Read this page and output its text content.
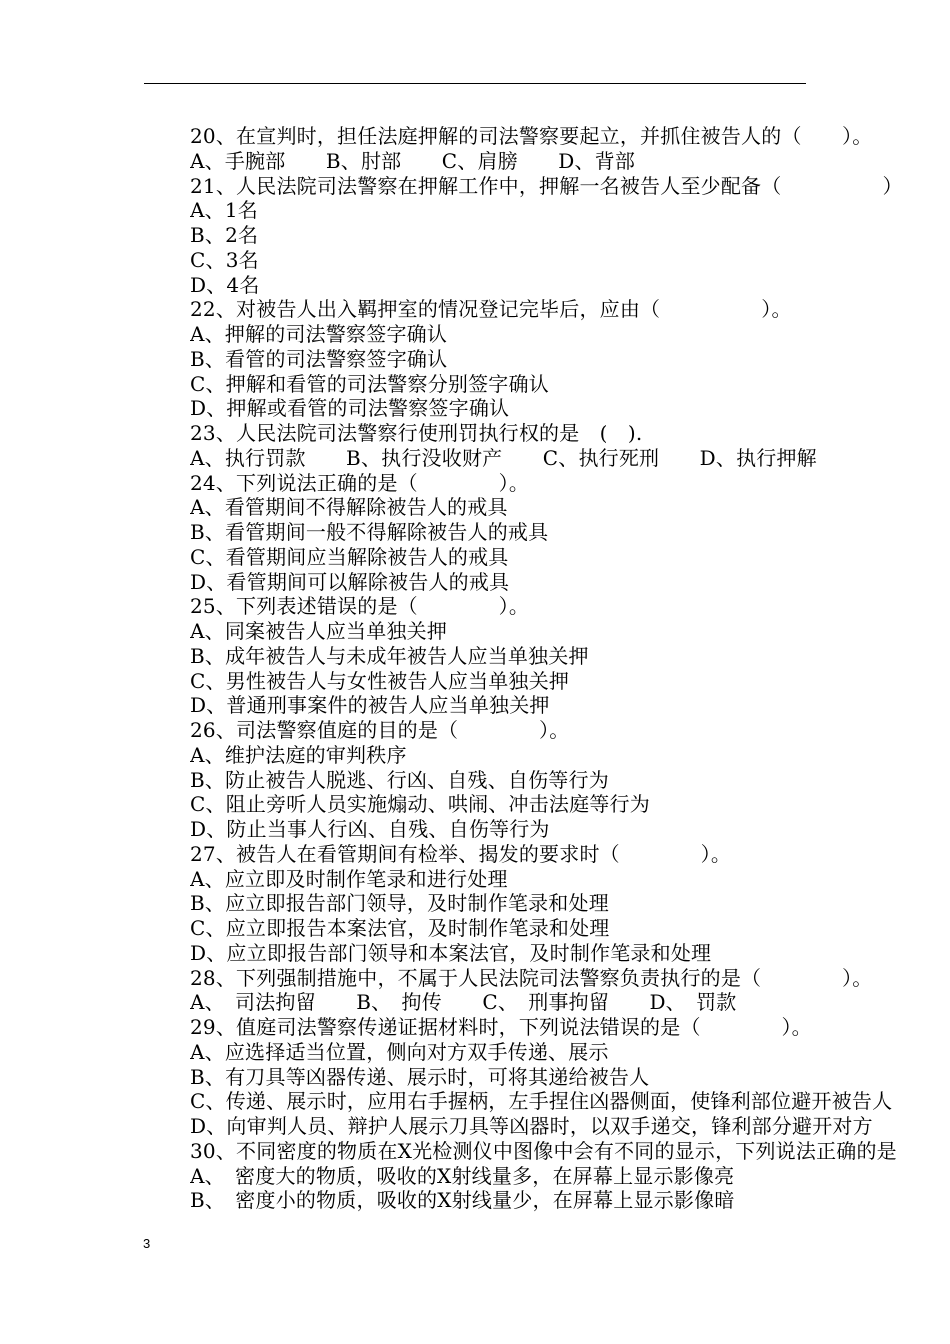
20、在宣判时，担任法庭押解的司法警察要起立，并抓住被告人的（　　）。
A、手腕部　　B、肘部　　C、肩膀　　D、背部
21、人民法院司法警察在押解工作中，押解一名被告人至少配备（　　　　　）
A、1名
B、2名
C、3名
D、4名
22、对被告人出入羁押室的情况登记完毕后，应由（　　　　　）。
A、押解的司法警察签字确认
B、看管的司法警察签字确认
C、押解和看管的司法警察分别签字确认
D、押解或看管的司法警察签字确认
23、人民法院司法警察行使刑罚执行权的是　(　).
A、执行罚款　　B、执行没收财产　　C、执行死刑　　D、执行押解
24、下列说法正确的是（　　　　）。
A、看管期间不得解除被告人的戒具
B、看管期间一般不得解除被告人的戒具
C、看管期间应当解除被告人的戒具
D、看管期间可以解除被告人的戒具
25、下列表述错误的是（　　　　）。
A、同案被告人应当单独关押
B、成年被告人与未成年被告人应当单独关押
C、男性被告人与女性被告人应当单独关押
D、普通刑事案件的被告人应当单独关押
26、司法警察值庭的目的是（　　　　）。
A、维护法庭的审判秩序
B、防止被告人脱逃、行凶、自残、自伤等行为
C、阻止旁听人员实施煽动、哄闹、冲击法庭等行为
D、防止当事人行凶、自残、自伤等行为
27、被告人在看管期间有检举、揭发的要求时（　　　　）。
A、应立即及时制作笔录和进行处理
B、应立即报告部门领导，及时制作笔录和处理
C、应立即报告本案法官，及时制作笔录和处理
D、应立即报告部门领导和本案法官，及时制作笔录和处理
28、下列强制措施中，不属于人民法院司法警察负责执行的是（　　　　）。
A、　司法拘留　　B、　拘传　　C、　刑事拘留　　D、　罚款
29、值庭司法警察传递证据材料时，下列说法错误的是（　　　　）。
A、应选择适当位置，侧向对方双手传递、展示
B、有刀具等凶器传递、展示时，可将其递给被告人
C、传递、展示时，应用右手握柄，左手捏住凶器侧面，使锋利部位避开被告人
D、向审判人员、辩护人展示刀具等凶器时，以双手递交，锋利部分避开对方
30、不同密度的物质在X光检测仪中图像中会有不同的显示，下列说法正确的是
A、　密度大的物质，吸收的X射线量多，在屏幕上显示影像亮
B、　密度小的物质，吸收的X射线量少，在屏幕上显示影像暗
3
